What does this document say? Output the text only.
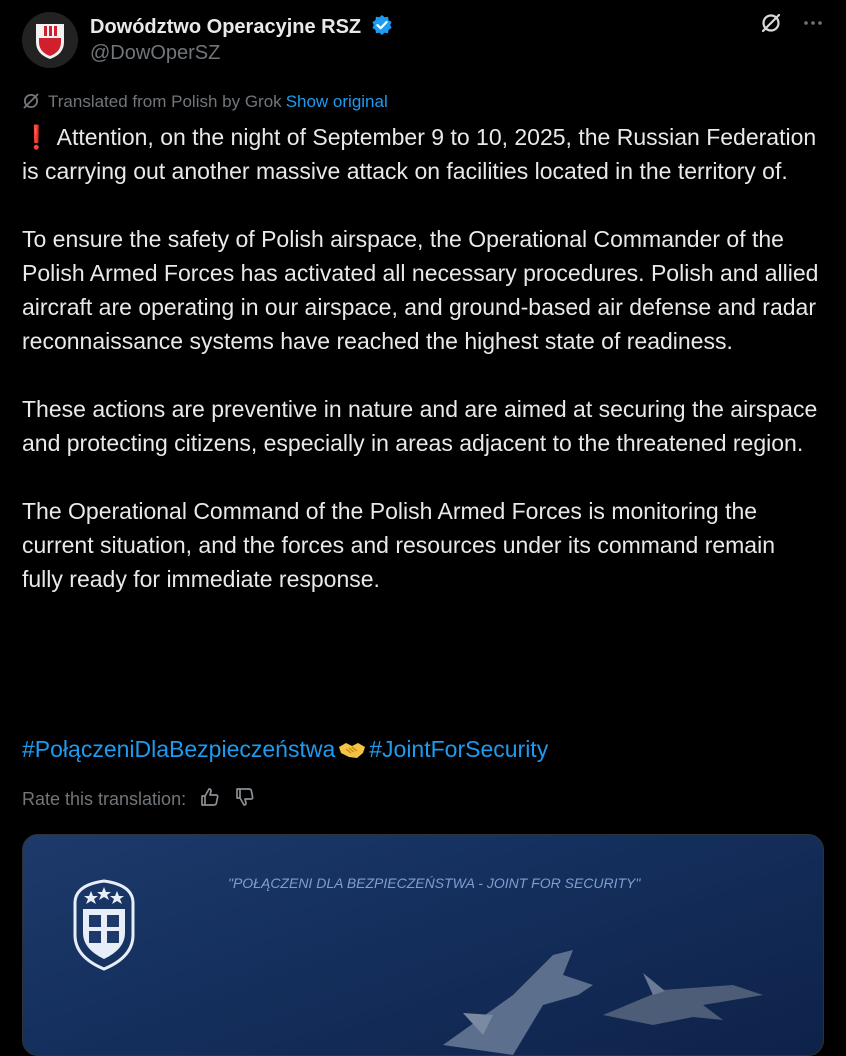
Dowództwo Operacyjne RSZ
@DowOperSZ
Translated from Polish by Grok Show original

❗ Attention, on the night of September 9 to 10, 2025, the Russian Federation is carrying out another massive attack on facilities located in the territory of.

To ensure the safety of Polish airspace, the Operational Commander of the Polish Armed Forces has activated all necessary procedures. Polish and allied aircraft are operating in our airspace, and ground-based air defense and radar reconnaissance systems have reached the highest state of readiness.

These actions are preventive in nature and are aimed at securing the airspace and protecting citizens, especially in areas adjacent to the threatened region.

The Operational Command of the Polish Armed Forces is monitoring the current situation, and the forces and resources under its command remain fully ready for immediate response.

#PołączeniDlaBezpieczeństwa #JointForSecurity
Rate this translation:
"POŁĄCZENI DLA BEZPIECZEŃSTWA - JOINT FOR SECURITY"
